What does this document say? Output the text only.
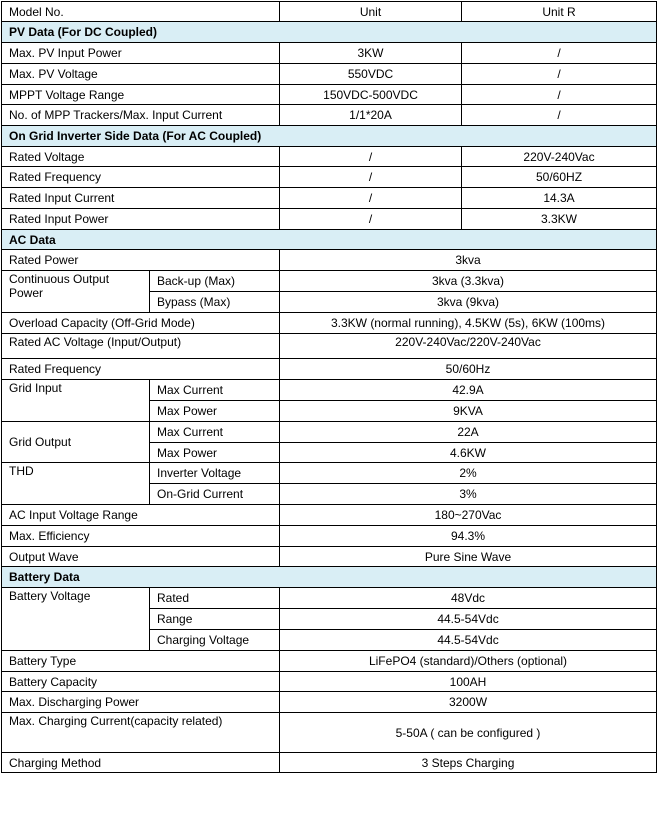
Model No.		Unit	Unit R
PV Data (For DC Coupled)			
Max. PV Input Power		3KW	/
Max. PV Voltage		550VDC	/
MPPT Voltage Range		150VDC-500VDC	/
No. of MPP Trackers/Max. Input Current		1/1*20A	/
On Grid Inverter Side Data (For AC Coupled)			
Rated Voltage		/	220V-240Vac
Rated Frequency		/	50/60HZ
Rated Input Current		/	14.3A
Rated Input Power		/	3.3KW
AC Data			
Rated Power		3kva	
Continuous Output Power	Back-up (Max)	3kva (3.3kva)	
	Bypass (Max)	3kva (9kva)	
Overload Capacity (Off-Grid Mode)		3.3KW (normal running), 4.5KW (5s), 6KW (100ms)	
Rated AC Voltage (Input/Output)		220V-240Vac/220V-240Vac	
Rated Frequency		50/60Hz	
Grid Input	Max Current	42.9A	
	Max Power	9KVA	
Grid Output	Max Current	22A	
	Max Power	4.6KW	
THD	Inverter Voltage	2%	
	On-Grid Current	3%	
AC Input Voltage Range		180~270Vac	
Max. Efficiency		94.3%	
Output Wave		Pure Sine Wave	
Battery Data			
Battery Voltage	Rated	48Vdc	
	Range	44.5-54Vdc	
	Charging Voltage	44.5-54Vdc	
Battery Type		LiFePO4 (standard)/Others (optional)	
Battery Capacity		100AH	
Max. Discharging Power		3200W	
Max. Charging Current(capacity related)		5-50A ( can be configured )	
Charging Method		3 Steps Charging	
